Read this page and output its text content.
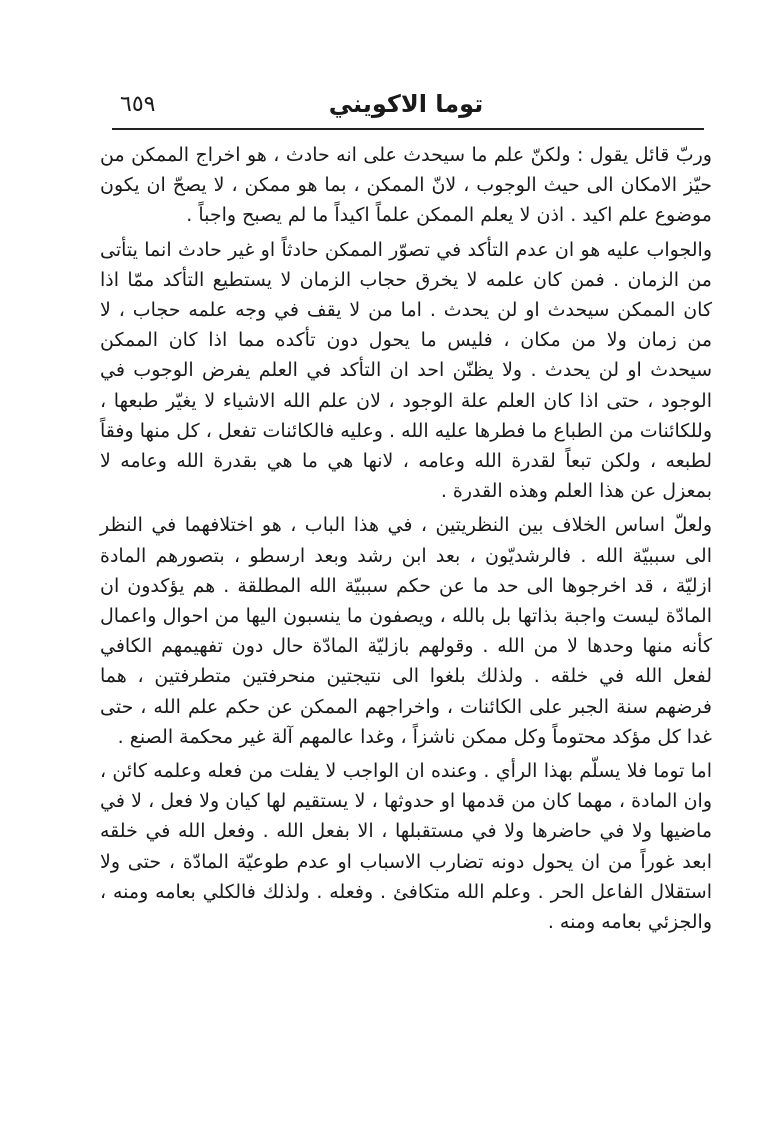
توما الاكويني
٦٥٩

وربّ قائل يقول : ولكنّ علم ما سيحدث على انه حادث ، هو اخراج الممكن من حيّز الامكان الى حيث الوجوب ، لانّ الممكن ، بما هو ممكن ، لا يصحّ ان يكون موضوع علم اكيد . اذن لا يعلم الممكن علماً اكيداً ما لم يصبح واجباً .

والجواب عليه هو ان عدم التأكد في تصوّر الممكن حادثاً او غير حادث انما يتأتى من الزمان . فمن كان علمه لا يخرق حجاب الزمان لا يستطيع التأكد ممّا اذا كان الممكن سيحدث او لن يحدث . اما من لا يقف في وجه علمه حجاب ، لا من زمان ولا من مكان ، فليس ما يحول دون تأكده مما اذا كان الممكن سيحدث او لن يحدث . ولا يظنّن احد ان التأكد في العلم يفرض الوجوب في الوجود ، حتى اذا كان العلم علة الوجود ، لان علم الله الاشياء لا يغيّر طبعها ، وللكائنات من الطباع ما فطرها عليه الله . وعليه فالكائنات تفعل ، كل منها وفقاً لطبعه ، ولكن تبعاً لقدرة الله وعامه ، لانها هي ما هي بقدرة الله وعامه لا بمعزل عن هذا العلم وهذه القدرة .

ولعلّ اساس الخلاف بين النظريتين ، في هذا الباب ، هو اختلافهما في النظر الى سببيّة الله . فالرشديّون ، بعد ابن رشد وبعد ارسطو ، بتصورهم المادة ازليّة ، قد اخرجوها الى حد ما عن حكم سببيّة الله المطلقة . هم يؤكدون ان المادّة ليست واجبة بذاتها بل بالله ، ويصفون ما ينسبون اليها من احوال واعمال كأنه منها وحدها لا من الله . وقولهم بازليّة المادّة حال دون تفهيمهم الكافي لفعل الله في خلقه . ولذلك بلغوا الى نتيجتين منحرفتين متطرفتين ، هما فرضهم سنة الجبر على الكائنات ، واخراجهم الممكن عن حكم علم الله ، حتى غدا كل مؤكد محتوماً وكل ممكن ناشزاً ، وغدا عالمهم آلة غير محكمة الصنع .

اما توما فلا يسلّم بهذا الرأي . وعنده ان الواجب لا يفلت من فعله وعلمه كائن ، وان المادة ، مهما كان من قدمها او حدوثها ، لا يستقيم لها كيان ولا فعل ، لا في ماضيها ولا في حاضرها ولا في مستقبلها ، الا بفعل الله . وفعل الله في خلقه ابعد غوراً من ان يحول دونه تضارب الاسباب او عدم طوعيّة المادّة ، حتى ولا استقلال الفاعل الحر . وعلم الله متكافئ . وفعله . ولذلك فالكلي بعامه ومنه ، والجزئي بعامه ومنه .
